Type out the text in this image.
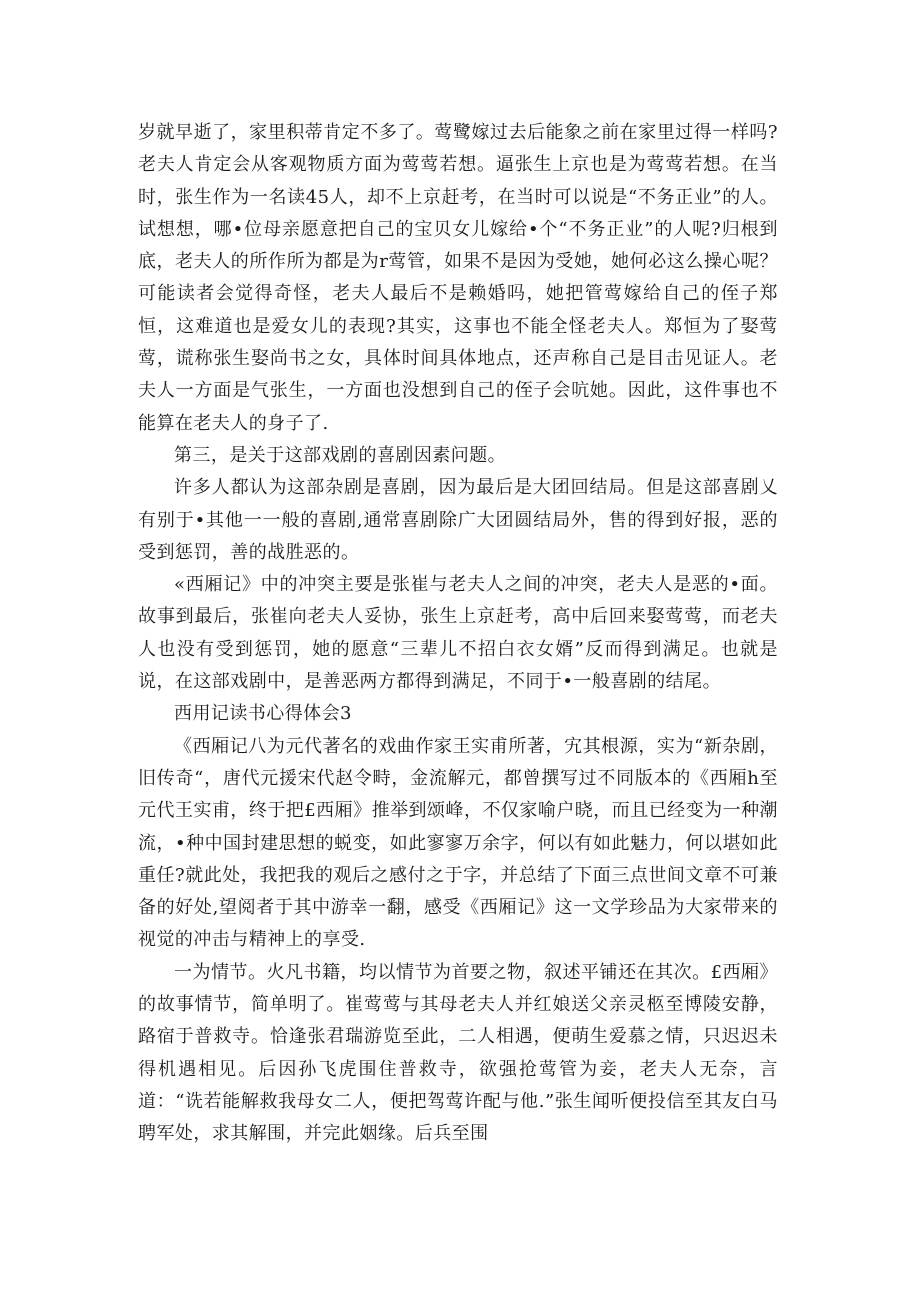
岁就早逝了，家里积蒂肯定不多了。莺鹭嫁过去后能象之前在家里过得一样吗?老夫人肯定会从客观物质方面为莺莺若想。逼张生上京也是为莺莺若想。在当时，张生作为一名读45人，却不上京赶考，在当时可以说是“不务正业”的人。试想想，哪•位母亲愿意把自己的宝贝女儿嫁给•个“不务正业”的人呢?归根到底，老夫人的所作所为都是为r莺管，如果不是因为受她，她何必这么操心呢？可能读者会觉得奇怪，老夫人最后不是赖婚吗，她把管莺嫁给自己的侄子郑恒，这难道也是爱女儿的表现?其实，这事也不能全怪老夫人。郑恒为了娶莺莺，谎称张生娶尚书之女，具体时间具体地点，还声称自己是目击见证人。老夫人一方面是气张生，一方面也没想到自己的侄子会吭她。因此，这件事也不能算在老夫人的身子了.

第三，是关于这部戏剧的喜剧因素问题。

许多人都认为这部杂剧是喜剧，因为最后是大团回结局。但是这部喜剧乂有别于•其他一一般的喜剧,通常喜剧除广大团圆结局外，售的得到好报，恶的受到惩罚，善的战胜恶的。

«西厢记》中的冲突主要是张崔与老夫人之间的冲突，老夫人是恶的•面。故事到最后，张崔向老夫人妥协，张生上京赶考，高中后回来娶莺莺，而老夫人也没有受到惩罚，她的愿意“三辈儿不招白衣女婿”反而得到满足。也就是说，在这部戏剧中，是善恶两方都得到满足，不同于•一般喜剧的结尾。

西用记读书心得体会3

《西厢记八为元代著名的戏曲作家王实甫所著，宄其根源，实为“新杂剧，旧传奇“，唐代元援宋代赵令畤，金流解元，都曾撰写过不同版本的《西厢h至元代王实甫，终于把£西厢》推举到颂峰，不仅家喻户晓，而且已经变为一种潮流，•种中国封建思想的蜕变，如此寥寥万余字，何以有如此魅力，何以堪如此重任?就此处，我把我的观后之感付之于字，并总结了下面三点世间文章不可兼备的好处,望阅者于其中游幸一翻，感受《西厢记》这一文学珍品为大家带来的视觉的冲击与精神上的享受.

一为情节。火凡书籍，均以情节为首要之物，叙述平铺还在其次。£西厢》的故事情节，简单明了。崔莺莺与其母老夫人并红娘送父亲灵柩至博陵安静，路宿于普救寺。恰逢张君瑞游览至此，二人相遇，便萌生爱慕之情，只迟迟未得机遇相见。后因孙飞虎围住普救寺，欲强抢莺管为妾，老夫人无奈，言道：“诜若能解救我母女二人，便把驾莺许配与他.”张生闻听便投信至其友白马聘军处，求其解围，并完此姻缘。后兵至围
